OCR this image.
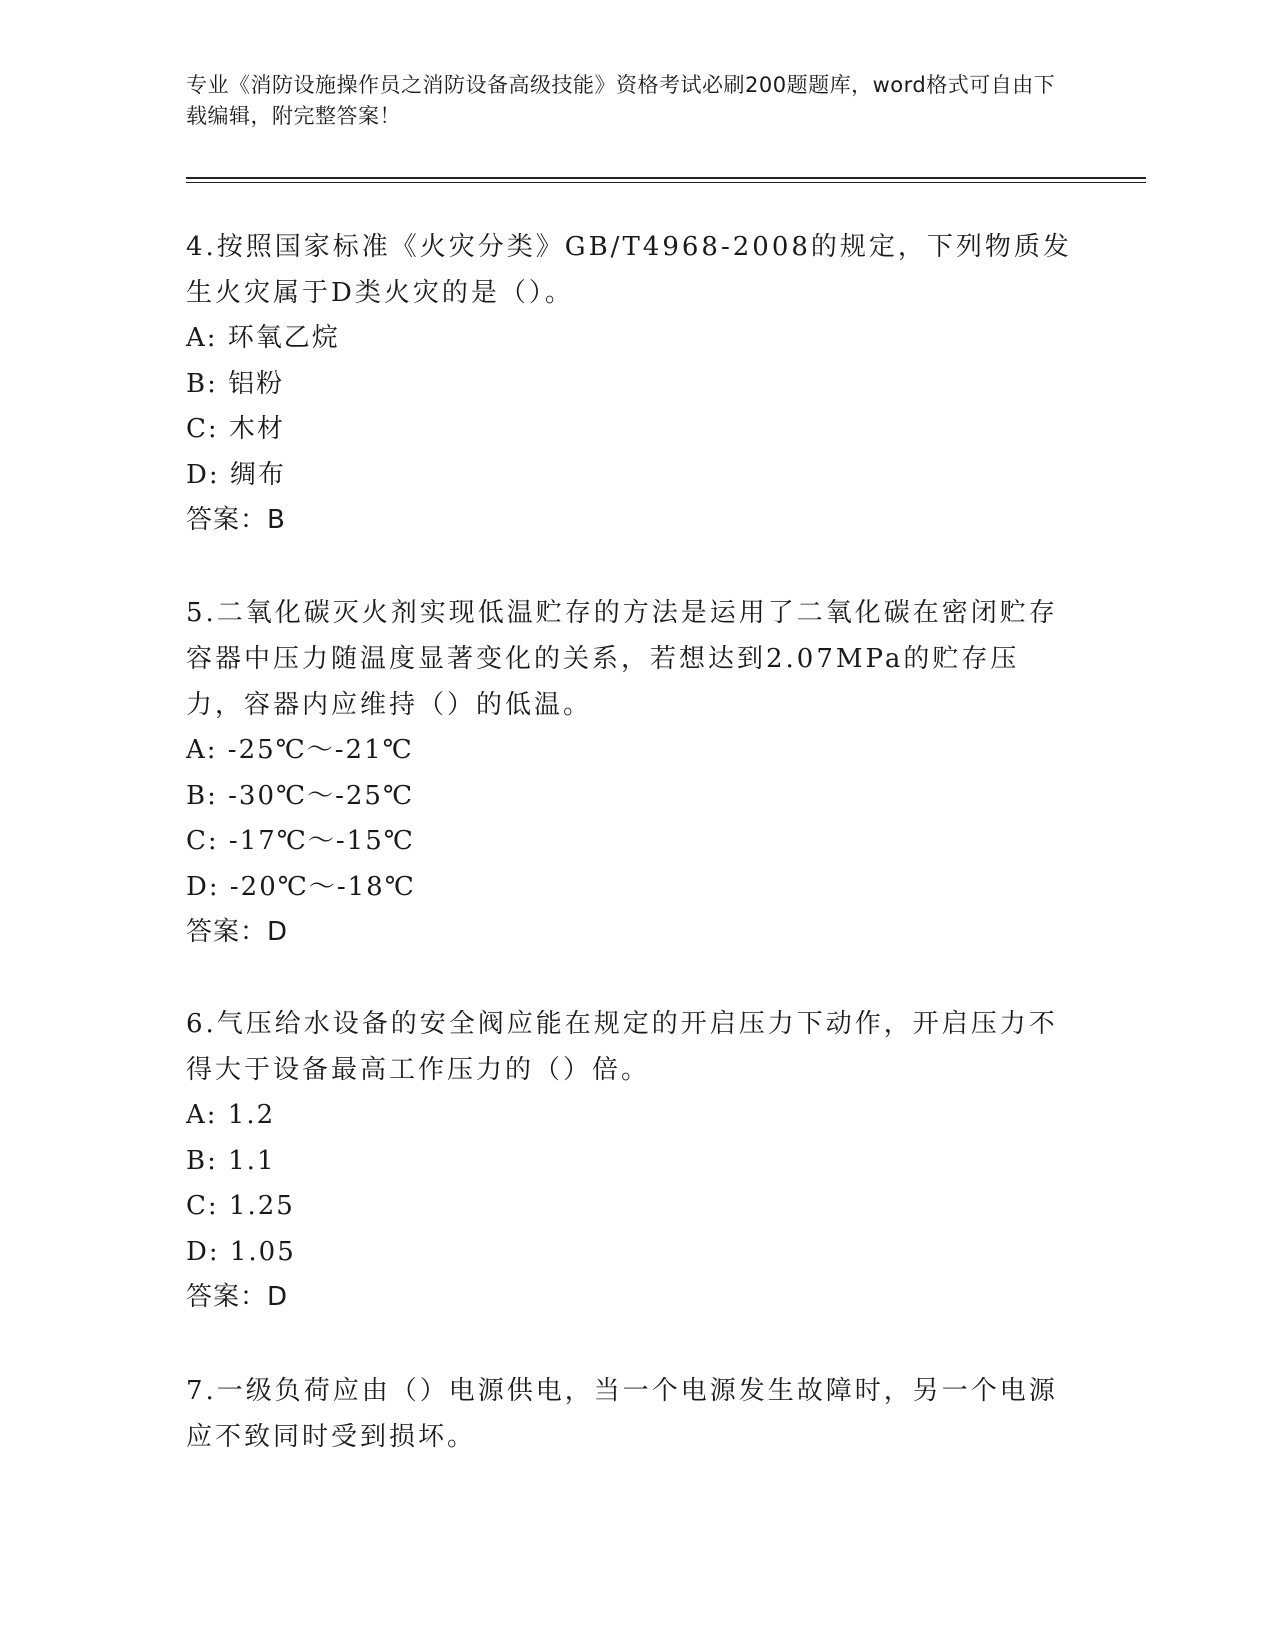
专业《消防设施操作员之消防设备高级技能》资格考试必刷200题题库，word格式可自由下载编辑，附完整答案！
4.按照国家标准《火灾分类》GB/T4968-2008的规定，下列物质发生火灾属于D类火灾的是（）。
A: 环氧乙烷
B: 铝粉
C: 木材
D: 绸布
答案：B
5.二氧化碳灭火剂实现低温贮存的方法是运用了二氧化碳在密闭贮存容器中压力随温度显著变化的关系，若想达到2.07MPa的贮存压力，容器内应维持（）的低温。
A: -25℃～-21℃
B: -30℃～-25℃
C: -17℃～-15℃
D: -20℃～-18℃
答案：D
6.气压给水设备的安全阀应能在规定的开启压力下动作，开启压力不得大于设备最高工作压力的（）倍。
A: 1.2
B: 1.1
C: 1.25
D: 1.05
答案：D
7.一级负荷应由（）电源供电，当一个电源发生故障时，另一个电源应不致同时受到损坏。
